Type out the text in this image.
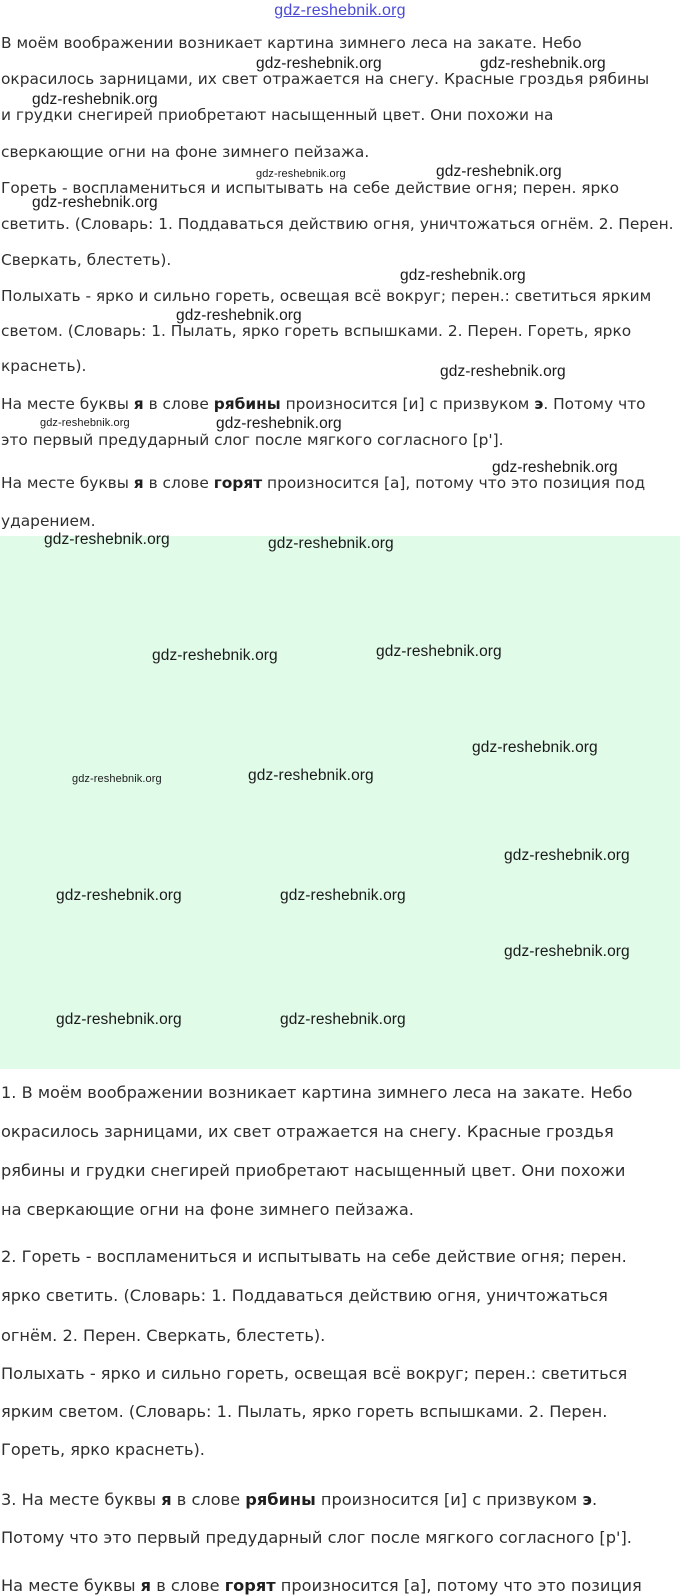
В моём воображении возникает картина зимнего леса на закате. Небо
окрасилось зарницами, их свет отражается на снегу. Красные гроздья рябины
и грудки снегирей приобретают насыщенный цвет. Они похожи на
сверкающие огни на фоне зимнего пейзажа.
Гореть - воспламениться и испытывать на себе действие огня; перен. ярко
светить. (Словарь: 1. Поддаваться действию огня, уничтожаться огнём. 2. Перен.
Сверкать, блестеть).
Полыхать - ярко и сильно гореть, освещая всё вокруг; перен.: светиться ярким
светом. (Словарь: 1. Пылать, ярко гореть вспышками. 2. Перен. Гореть, ярко
краснеть).
На месте буквы я в слове рябины произносится [и] с призвуком э. Потому что
это первый предударный слог после мягкого согласного [р'].
На месте буквы я в слове горят произносится [а], потому что это позиция под
ударением.
1. В моём воображении возникает картина зимнего леса на закате. Небо
окрасилось зарницами, их свет отражается на снегу. Красные гроздья
рябины и грудки снегирей приобретают насыщенный цвет. Они похожи
на сверкающие огни на фоне зимнего пейзажа.
2. Гореть - воспламениться и испытывать на себе действие огня; перен.
ярко светить. (Словарь: 1. Поддаваться действию огня, уничтожаться
огнём. 2. Перен. Сверкать, блестеть).
Полыхать - ярко и сильно гореть, освещая всё вокруг; перен.: светиться
ярким светом. (Словарь: 1. Пылать, ярко гореть вспышками. 2. Перен.
Гореть, ярко краснеть).
3. На месте буквы я в слове рябины произносится [и] с призвуком э.
Потому что это первый предударный слог после мягкого согласного [р'].
На месте буквы я в слове горят произносится [а], потому что это позиция
gdz-reshebnik.org
gdz-reshebnik.org	gdz-reshebnik.org
gdz-reshebnik.org
gdz-reshebnik.org
gdz-reshebnik.org	gdz-reshebnik.org
gdz-reshebnik.org
gdz-reshebnik.org
gdz-reshebnik.org
gdz-reshebnik.org	gdz-reshebnik.org
gdz-reshebnik.org
gdz-reshebnik.org	gdz-reshebnik.org
gdz-reshebnik.org	gdz-reshebnik.org
gdz-reshebnik.org
gdz-reshebnik.org	gdz-reshebnik.org
gdz-reshebnik.org
gdz-reshebnik.org	gdz-reshebnik.org
gdz-reshebnik.org
gdz-reshebnik.org	gdz-reshebnik.org
